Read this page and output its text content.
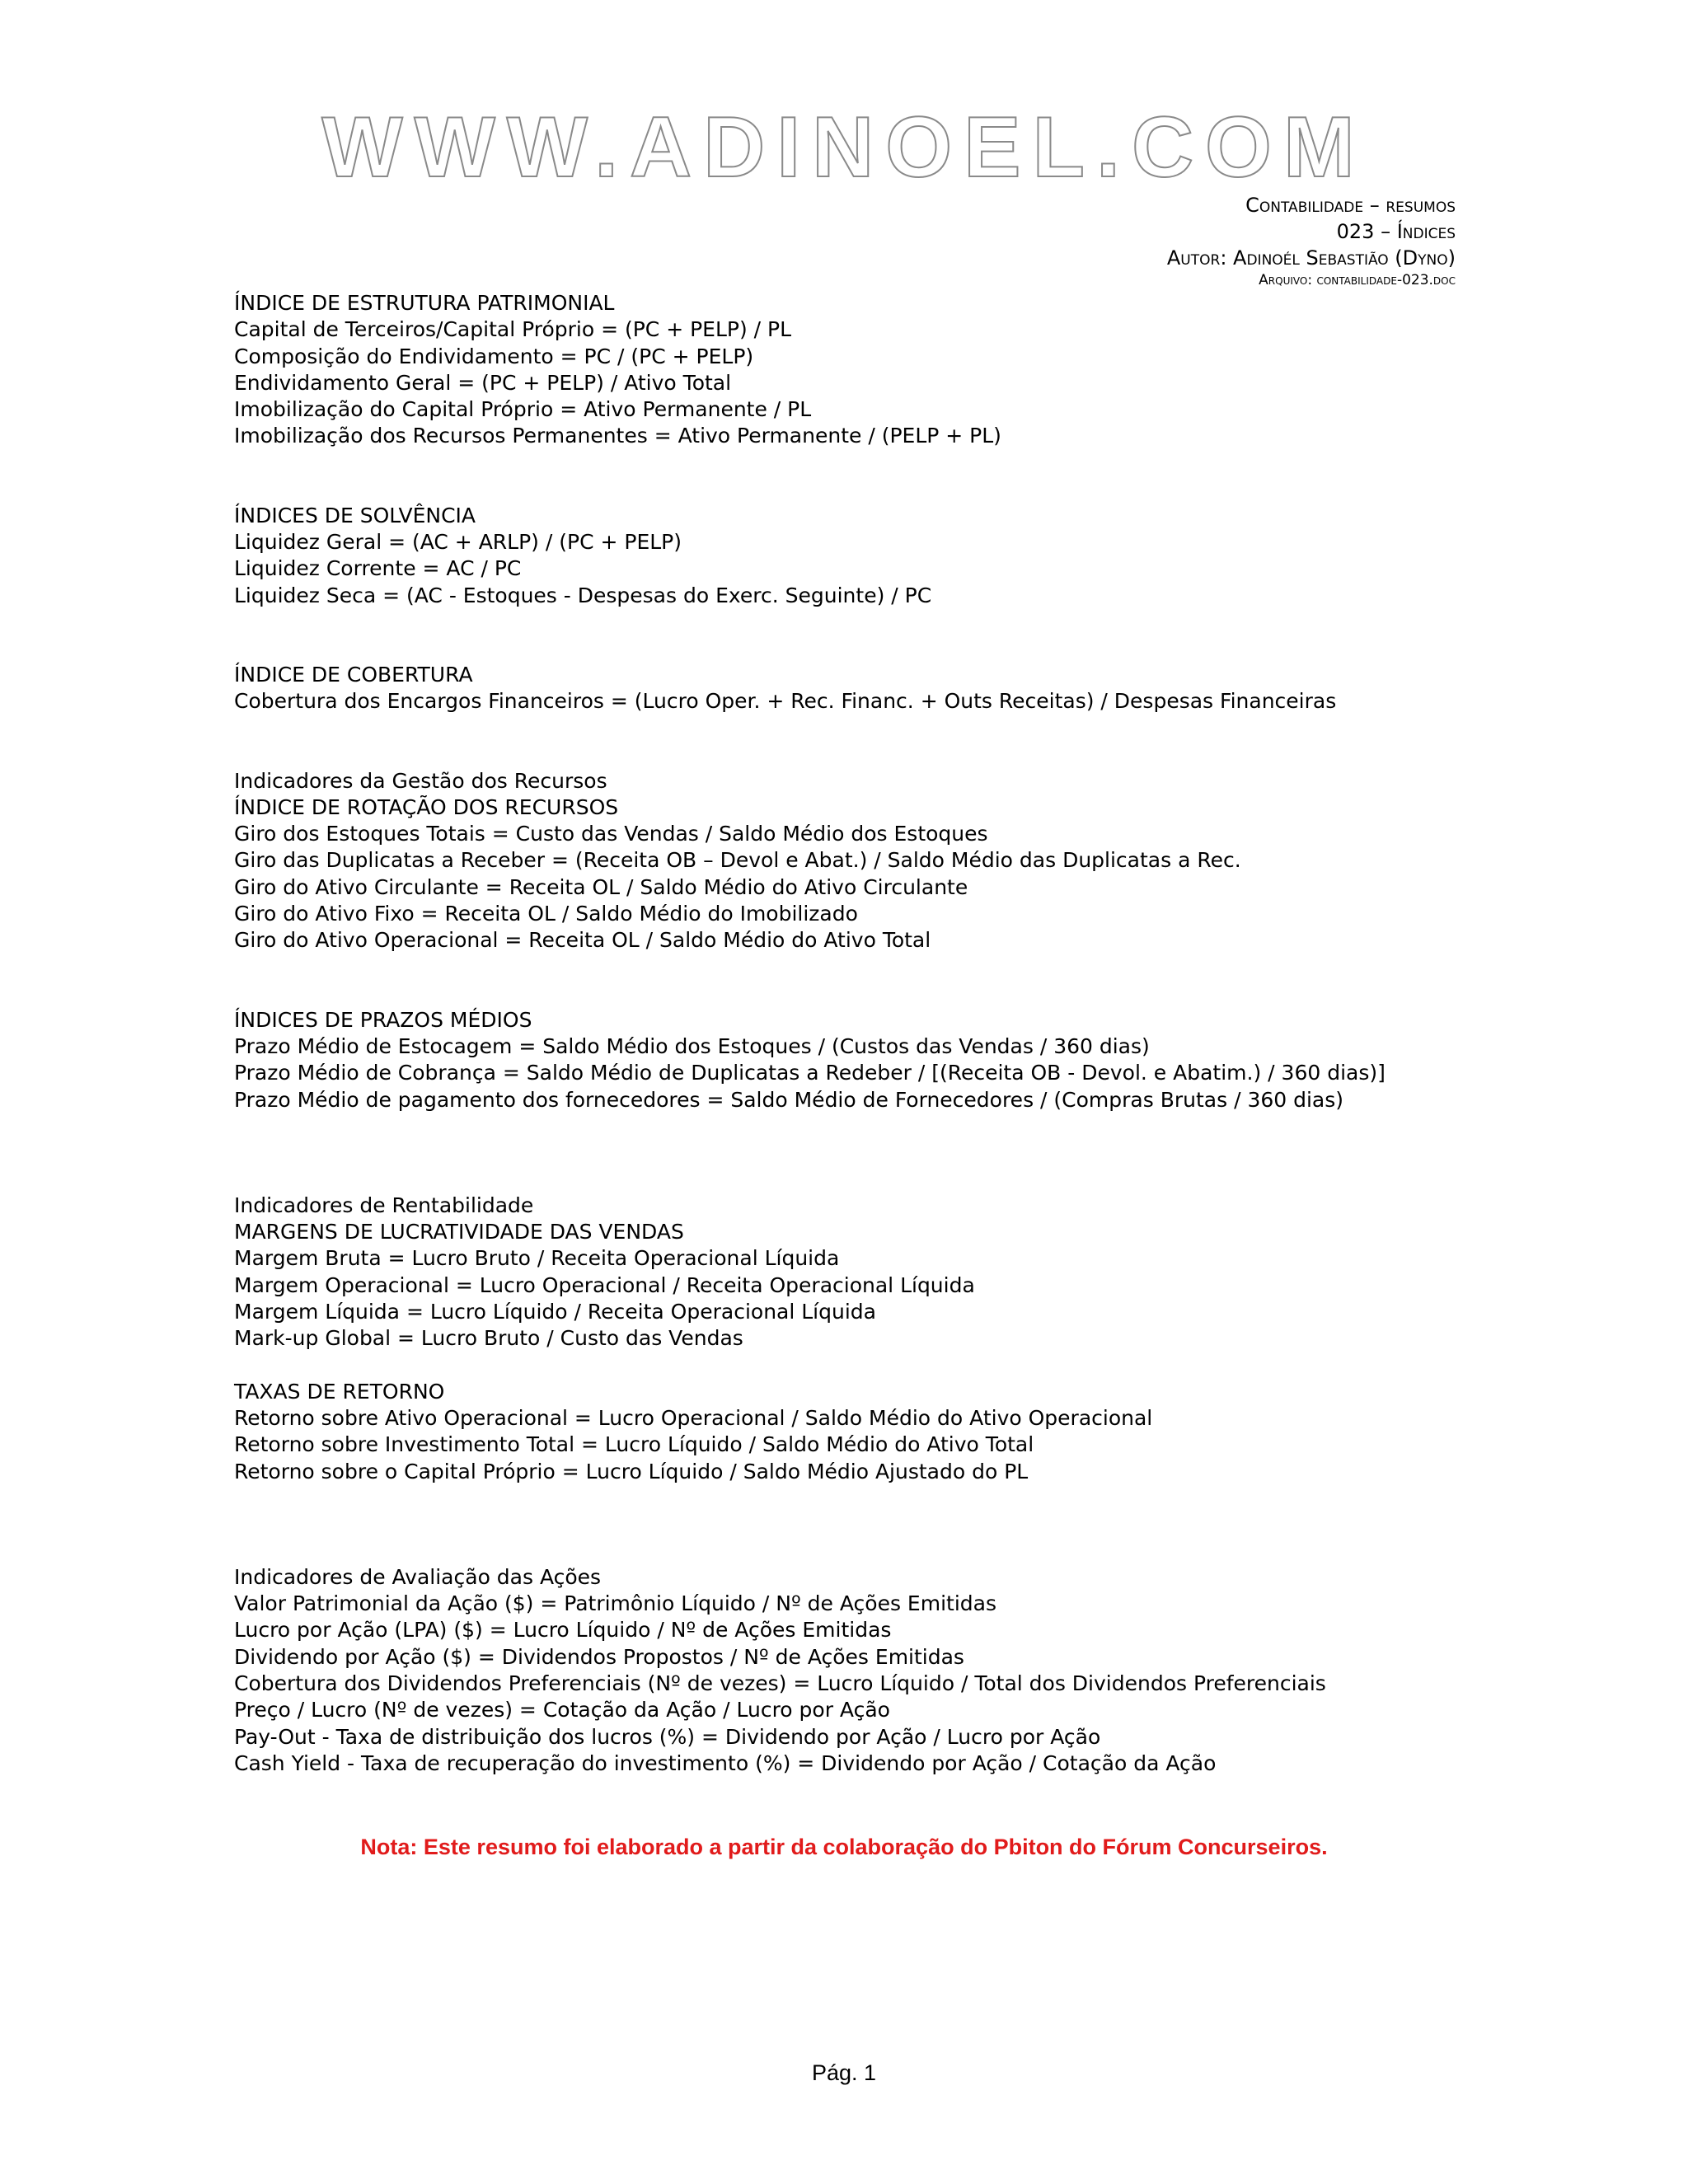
WWW.ADINOEL.COM
Contabilidade – resumos
023 – Índices
Autor: Adinoél Sebastião (Dyno)
Arquivo: contabilidade-023.doc
ÍNDICE DE ESTRUTURA PATRIMONIAL
Capital de Terceiros/Capital Próprio = (PC + PELP) / PL
Composição do Endividamento = PC / (PC + PELP)
Endividamento Geral = (PC + PELP) / Ativo Total
Imobilização do Capital Próprio = Ativo Permanente / PL
Imobilização dos Recursos Permanentes = Ativo Permanente / (PELP + PL)
ÍNDICES DE SOLVÊNCIA
Liquidez Geral = (AC + ARLP) / (PC + PELP)
Liquidez Corrente = AC / PC
Liquidez Seca = (AC - Estoques - Despesas do Exerc. Seguinte) / PC
ÍNDICE DE COBERTURA
Cobertura dos Encargos Financeiros = (Lucro Oper. + Rec. Financ. + Outs Receitas) / Despesas Financeiras
Indicadores da Gestão dos Recursos
ÍNDICE DE ROTAÇÃO DOS RECURSOS
Giro dos Estoques Totais = Custo das Vendas / Saldo Médio dos Estoques
Giro das Duplicatas a Receber = (Receita OB – Devol e Abat.) / Saldo Médio das Duplicatas a Rec.
Giro do Ativo Circulante = Receita OL / Saldo Médio do Ativo Circulante
Giro do Ativo Fixo = Receita OL / Saldo Médio do Imobilizado
Giro do Ativo Operacional = Receita OL / Saldo Médio do Ativo Total
ÍNDICES DE PRAZOS MÉDIOS
Prazo Médio de Estocagem = Saldo Médio dos Estoques / (Custos das Vendas / 360 dias)
Prazo Médio de Cobrança = Saldo Médio de Duplicatas a Redeber / [(Receita OB - Devol. e Abatim.) / 360 dias)]
Prazo Médio de pagamento dos fornecedores = Saldo Médio de Fornecedores / (Compras Brutas / 360 dias)
Indicadores de Rentabilidade
MARGENS DE LUCRATIVIDADE DAS VENDAS
Margem Bruta = Lucro Bruto / Receita Operacional Líquida
Margem Operacional = Lucro Operacional / Receita Operacional Líquida
Margem Líquida = Lucro Líquido / Receita Operacional Líquida
Mark-up Global = Lucro Bruto / Custo das Vendas
TAXAS DE RETORNO
Retorno sobre Ativo Operacional = Lucro Operacional / Saldo Médio do Ativo Operacional
Retorno sobre Investimento Total = Lucro Líquido / Saldo Médio do Ativo Total
Retorno sobre o Capital Próprio = Lucro Líquido / Saldo Médio Ajustado do PL
Indicadores de Avaliação das Ações
Valor Patrimonial da Ação ($) = Patrimônio Líquido / Nº de Ações Emitidas
Lucro por Ação (LPA) ($) = Lucro Líquido / Nº de Ações Emitidas
Dividendo por Ação ($) = Dividendos Propostos / Nº de Ações Emitidas
Cobertura dos Dividendos Preferenciais (Nº de vezes) = Lucro Líquido / Total dos Dividendos Preferenciais
Preço / Lucro (Nº de vezes) = Cotação da Ação / Lucro por Ação
Pay-Out - Taxa de distribuição dos lucros (%) = Dividendo por Ação / Lucro por Ação
Cash Yield - Taxa de recuperação do investimento (%) = Dividendo por Ação / Cotação da Ação
Nota: Este resumo foi elaborado a partir da colaboração do Pbiton do Fórum Concurseiros.
Pág. 1
